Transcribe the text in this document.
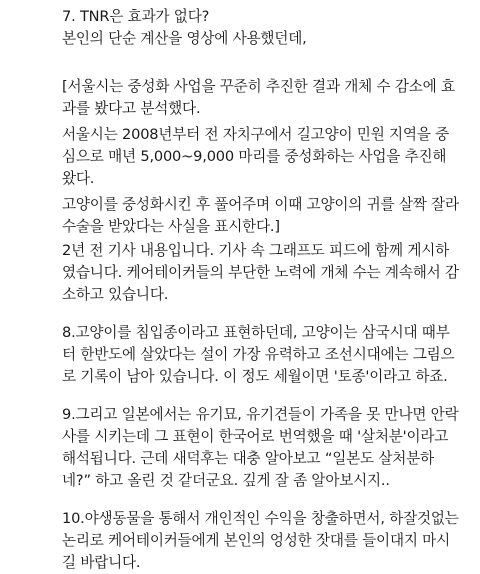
7. TNR은 효과가 없다?
본인의 단순 계산을 영상에 사용했던데,
[서울시는 중성화 사업을 꾸준히 추진한 결과 개체 수 감소에 효
과를 봤다고 분석했다.
서울시는 2008년부터 전 자치구에서 길고양이 민원 지역을 중
심으로 매년 5,000~9,000 마리를 중성화하는 사업을 추진해
왔다.
고양이를 중성화시킨 후 풀어주며 이때 고양이의 귀를 살짝 잘라
수술을 받았다는 사실을 표시한다.]
2년 전 기사 내용입니다. 기사 속 그래프도 피드에 함께 게시하
였습니다. 케어테이커들의 부단한 노력에 개체 수는 계속해서 감
소하고 있습니다.
8.고양이를 침입종이라고 표현하던데, 고양이는 삼국시대 때부
터 한반도에 살았다는 설이 가장 유력하고 조선시대에는 그림으
로 기록이 남아 있습니다. 이 정도 세월이면 '토종'이라고 하죠.
9.그리고 일본에서는 유기묘, 유기견들이 가족을 못 만나면 안락
사를 시키는데 그 표현이 한국어로 번역했을 때 '살처분'이라고
해석됩니다. 근데 새덕후는 대충 알아보고 “일본도 살처분하
네?” 하고 올린 것 같더군요. 깊게 잘 좀 알아보시지..
10.야생동물을 통해서 개인적인 수익을 창출하면서, 하잘것없는
논리로 케어테이커들에게 본인의 엉성한 잣대를 들이대지 마시
길 바랍니다.
